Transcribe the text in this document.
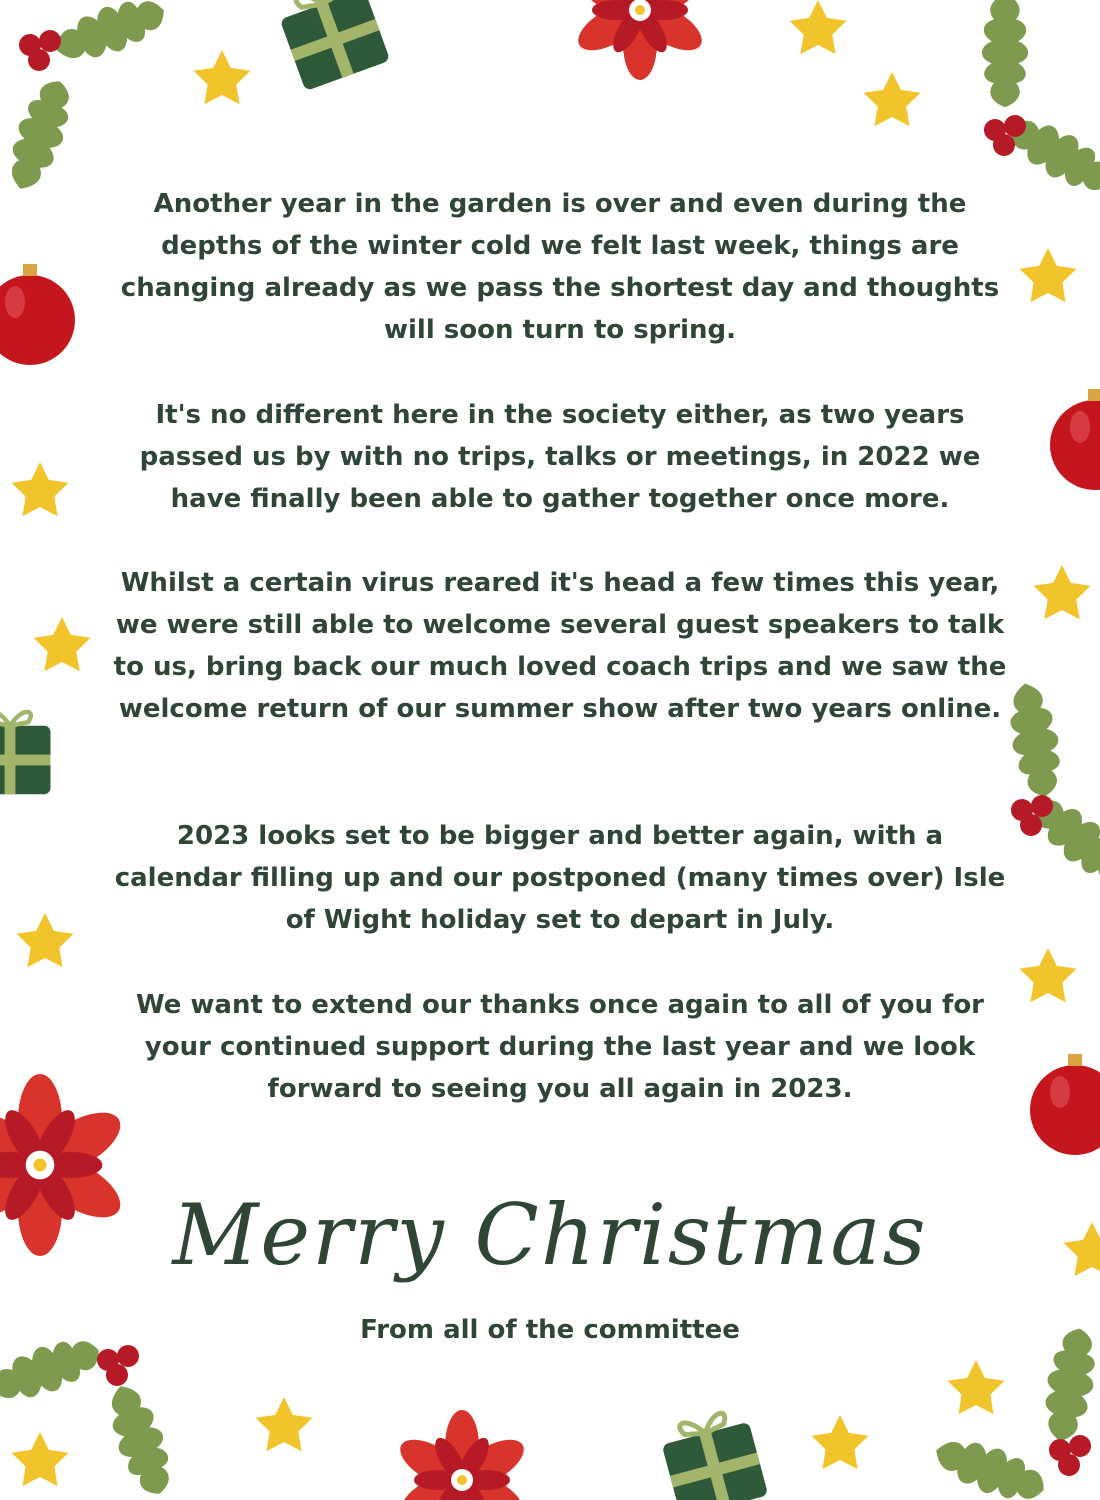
Another year in the garden is over and even during the depths of the winter cold we felt last week, things are changing already as we pass the shortest day and thoughts will soon turn to spring.

It's no different here in the society either, as two years passed us by with no trips, talks or meetings, in 2022 we have finally been able to gather together once more.

Whilst a certain virus reared it's head a few times this year, we were still able to welcome several guest speakers to talk to us, bring back our much loved coach trips and we saw the welcome return of our summer show after two years online.

2023 looks set to be bigger and better again, with a calendar filling up and our postponed (many times over) Isle of Wight holiday set to depart in July.

We want to extend our thanks once again to all of you for your continued support during the last year and we look forward to seeing you all again in 2023.

Merry Christmas
From all of the committee
